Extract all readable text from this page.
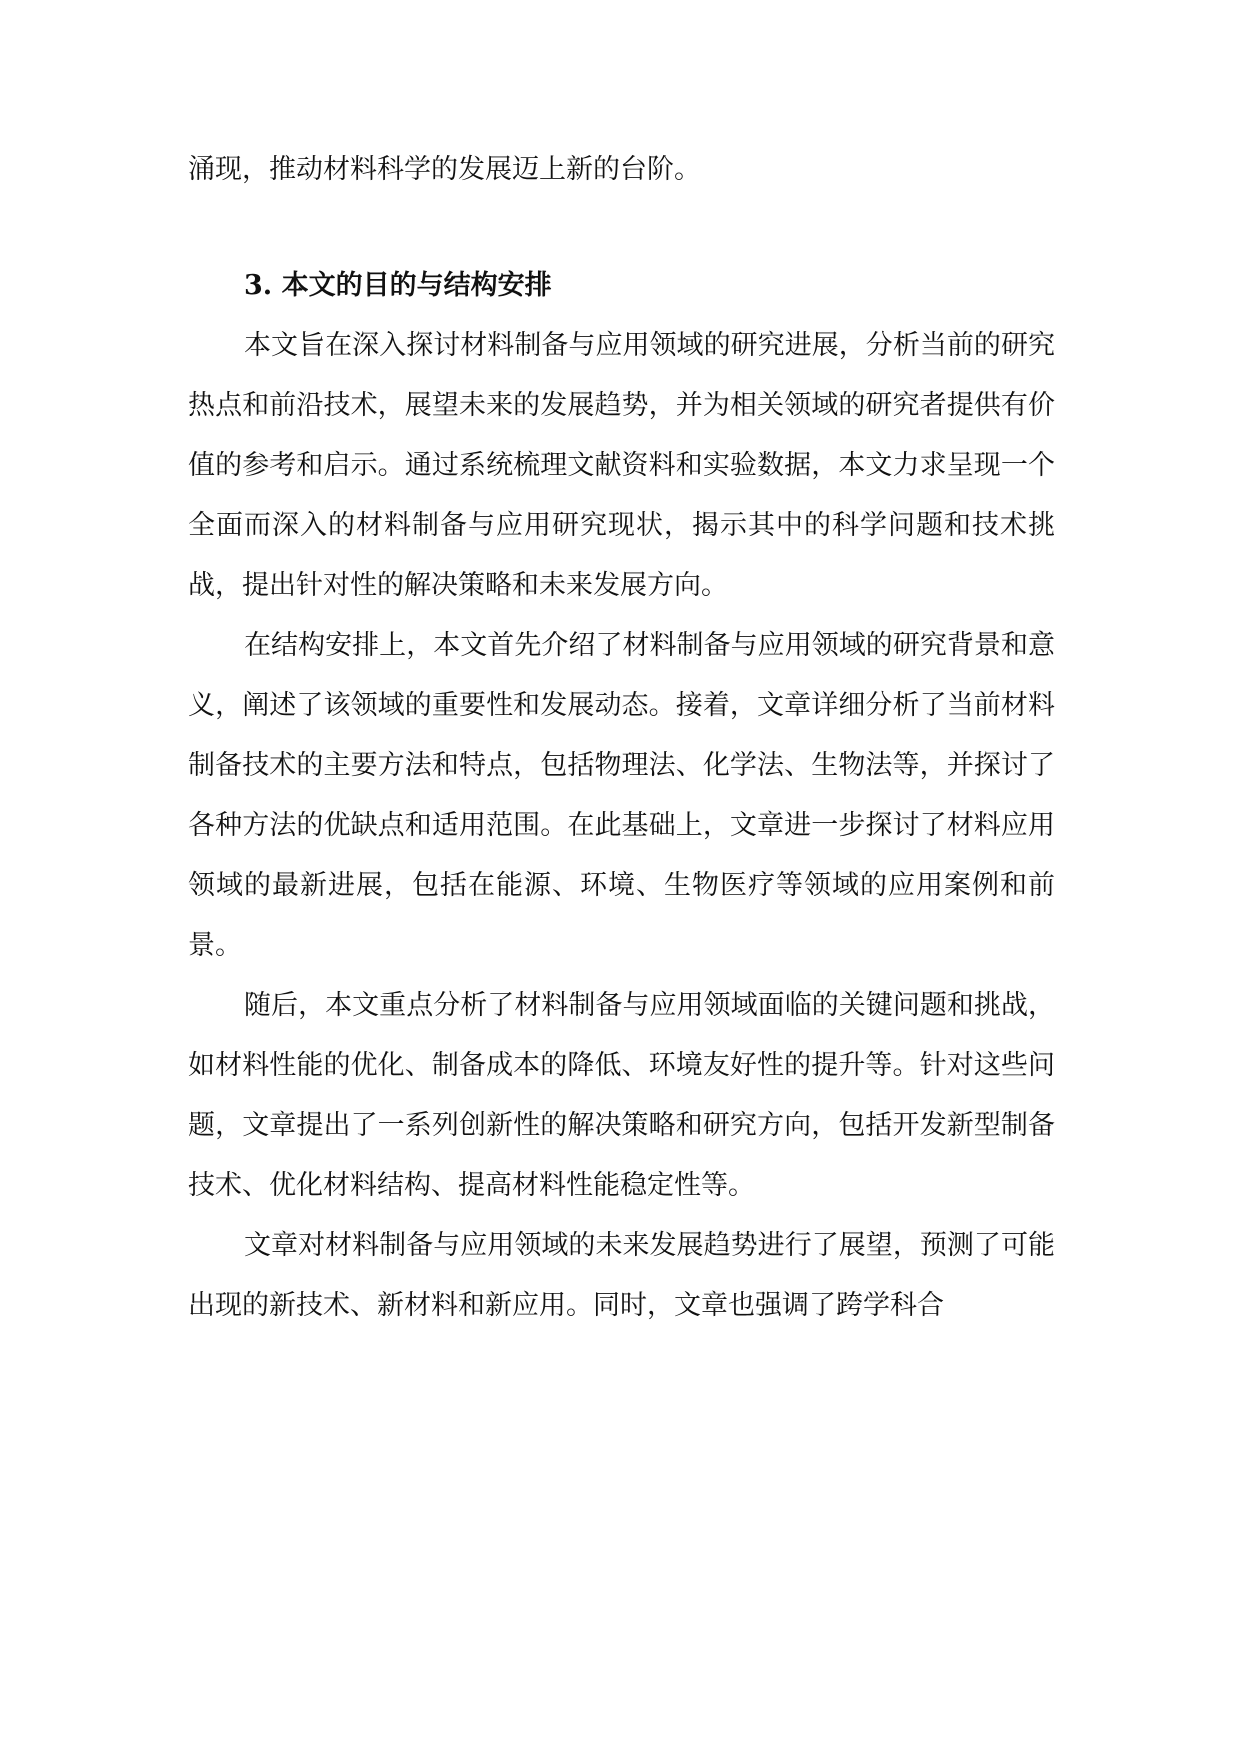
涌现，推动材料科学的发展迈上新的台阶。

3. 本文的目的与结构安排

本文旨在深入探讨材料制备与应用领域的研究进展，分析当前的研究热点和前沿技术，展望未来的发展趋势，并为相关领域的研究者提供有价值的参考和启示。通过系统梳理文献资料和实验数据，本文力求呈现一个全面而深入的材料制备与应用研究现状，揭示其中的科学问题和技术挑战，提出针对性的解决策略和未来发展方向。

在结构安排上，本文首先介绍了材料制备与应用领域的研究背景和意义，阐述了该领域的重要性和发展动态。接着，文章详细分析了当前材料制备技术的主要方法和特点，包括物理法、化学法、生物法等，并探讨了各种方法的优缺点和适用范围。在此基础上，文章进一步探讨了材料应用领域的最新进展，包括在能源、环境、生物医疗等领域的应用案例和前景。

随后，本文重点分析了材料制备与应用领域面临的关键问题和挑战，如材料性能的优化、制备成本的降低、环境友好性的提升等。针对这些问题，文章提出了一系列创新性的解决策略和研究方向，包括开发新型制备技术、优化材料结构、提高材料性能稳定性等。

文章对材料制备与应用领域的未来发展趋势进行了展望，预测了可能出现的新技术、新材料和新应用。同时，文章也强调了跨学科合
